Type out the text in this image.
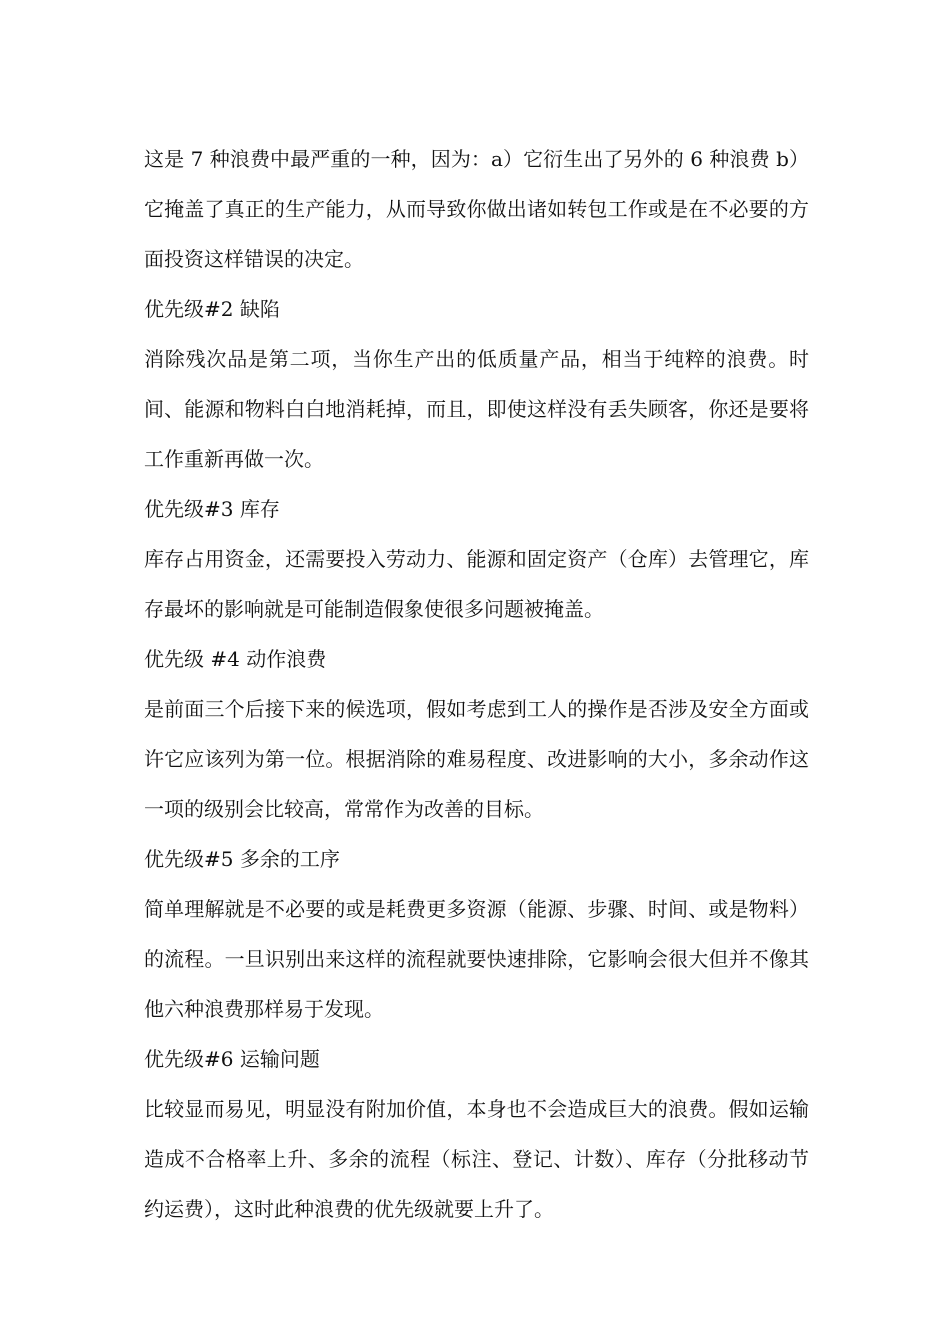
这是 7 种浪费中最严重的一种，因为：a）它衍生出了另外的 6 种浪费 b）它掩盖了真正的生产能力，从而导致你做出诸如转包工作或是在不必要的方面投资这样错误的决定。

优先级#2 缺陷

消除残次品是第二项，当你生产出的低质量产品，相当于纯粹的浪费。时间、能源和物料白白地消耗掉，而且，即使这样没有丢失顾客，你还是要将工作重新再做一次。

优先级#3 库存

库存占用资金，还需要投入劳动力、能源和固定资产（仓库）去管理它，库存最坏的影响就是可能制造假象使很多问题被掩盖。

优先级 #4 动作浪费

是前面三个后接下来的候选项，假如考虑到工人的操作是否涉及安全方面或许它应该列为第一位。根据消除的难易程度、改进影响的大小，多余动作这一项的级别会比较高，常常作为改善的目标。

优先级#5 多余的工序

简单理解就是不必要的或是耗费更多资源（能源、步骤、时间、或是物料）的流程。一旦识别出来这样的流程就要快速排除，它影响会很大但并不像其他六种浪费那样易于发现。

优先级#6 运输问题

比较显而易见，明显没有附加价值，本身也不会造成巨大的浪费。假如运输造成不合格率上升、多余的流程（标注、登记、计数）、库存（分批移动节约运费），这时此种浪费的优先级就要上升了。
